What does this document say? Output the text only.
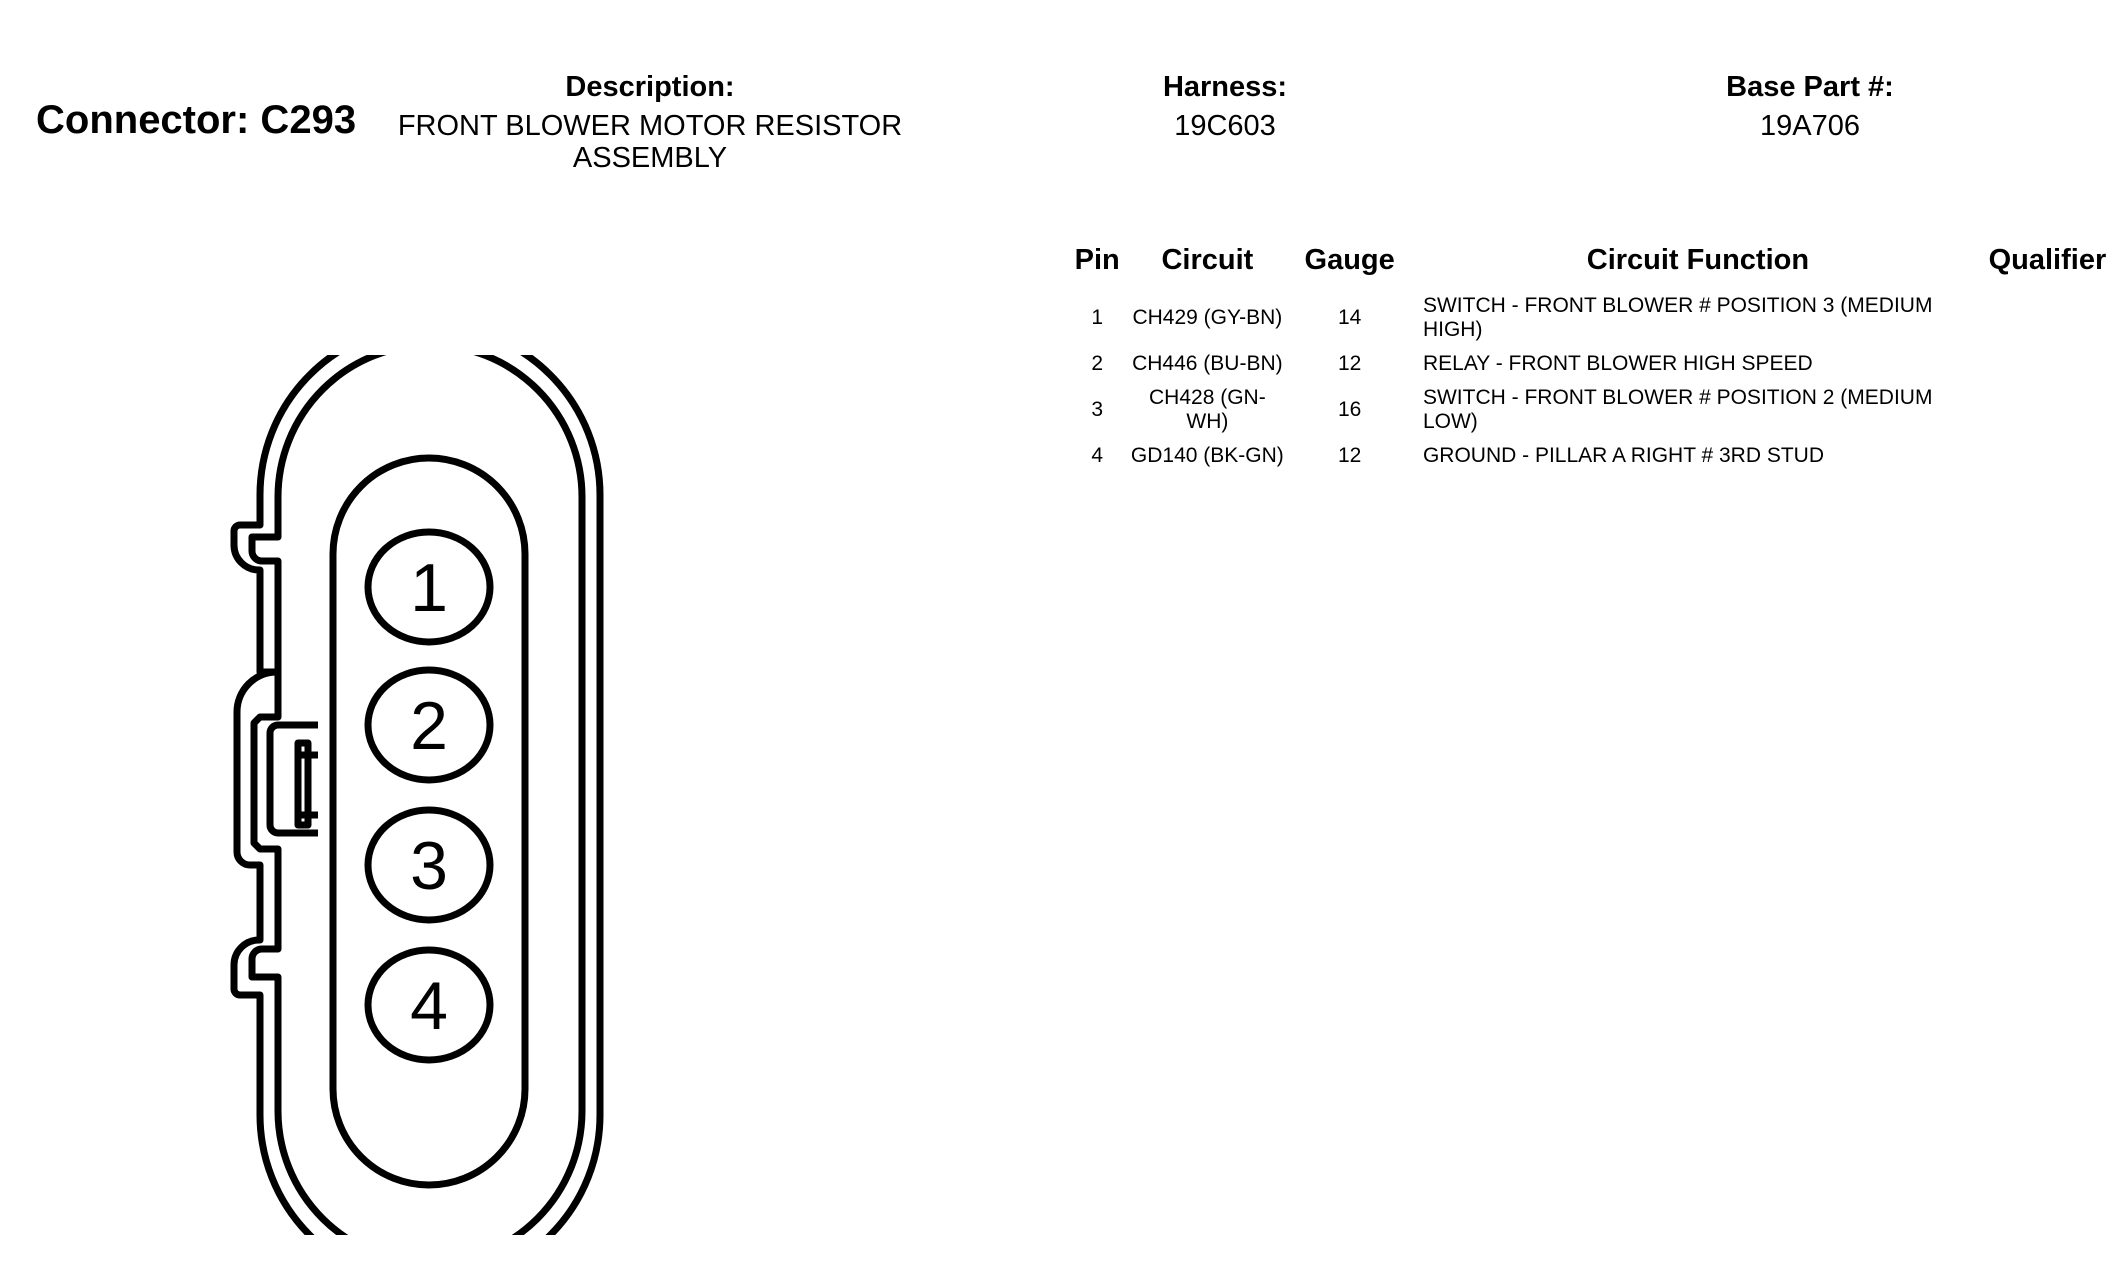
Connector: C293
Description:
FRONT BLOWER MOTOR RESISTOR ASSEMBLY
Harness:
19C603
Base Part #:
19A706
Pin	Circuit	Gauge	Circuit Function	Qualifier
1	CH429 (GY-BN)	14	SWITCH - FRONT BLOWER # POSITION 3 (MEDIUM HIGH)	
2	CH446 (BU-BN)	12	RELAY - FRONT BLOWER HIGH SPEED	
3	CH428 (GN-WH)	16	SWITCH - FRONT BLOWER # POSITION 2 (MEDIUM LOW)	
4	GD140 (BK-GN)	12	GROUND - PILLAR A RIGHT # 3RD STUD	
1
2
3
4
